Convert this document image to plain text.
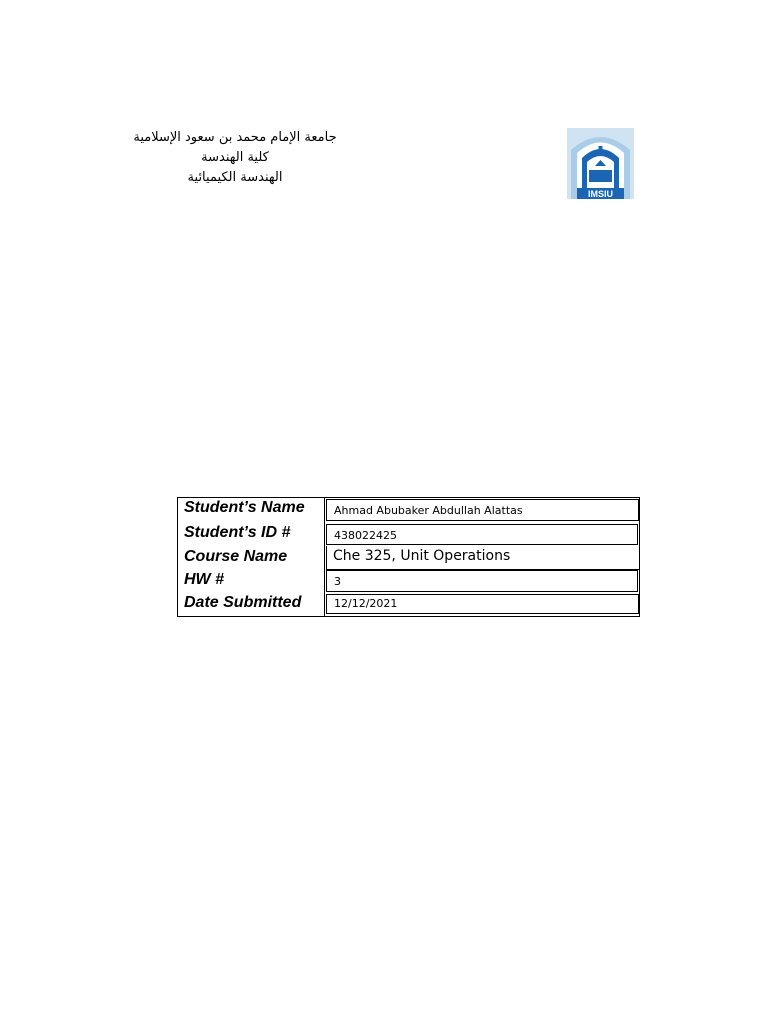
جامعة الإمام محمد بن سعود الإسلامية
كلية الهندسة
الهندسة الكيميائية
IMSIU
Student’s Name	Ahmad Abubaker Abdullah Alattas
Student’s ID #	438022425
Course Name	Che 325, Unit Operations
HW #	3
Date Submitted	12/12/2021
